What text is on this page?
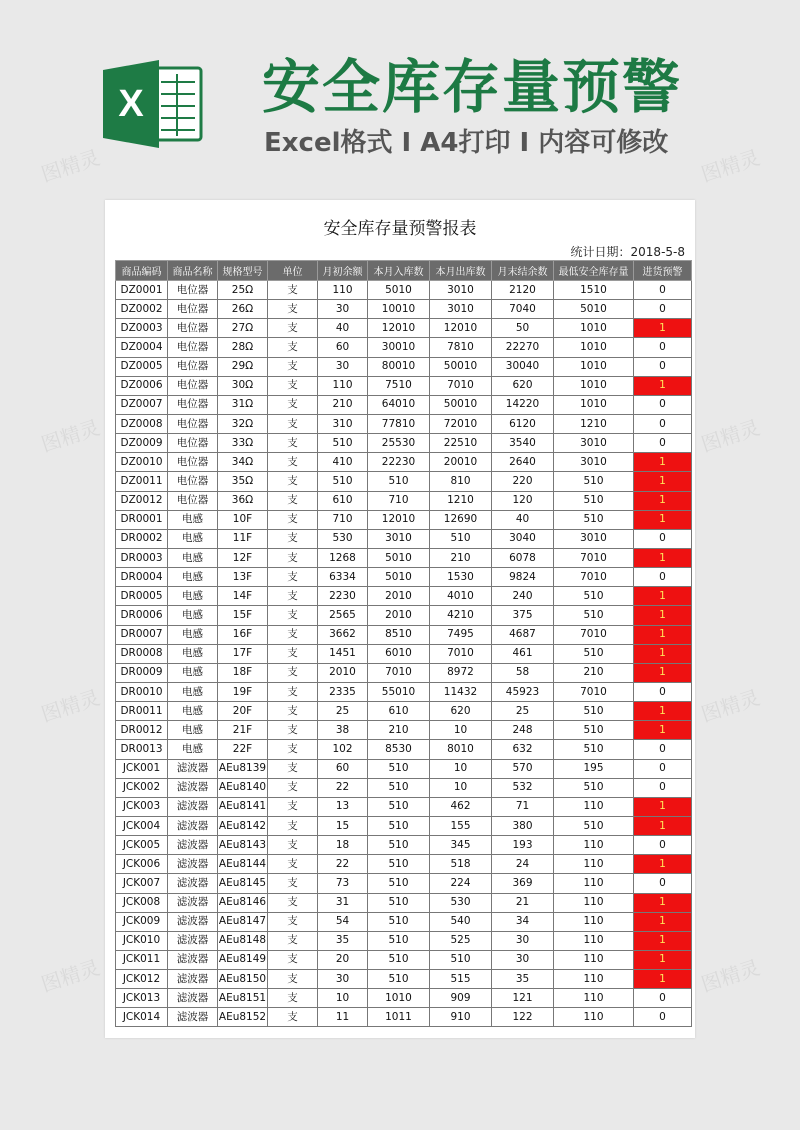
X 安全库存量预警
Excel格式 I A4打印 I 内容可修改
安全库存量预警报表
统计日期：2018-5-8
商品编码	商品名称	规格型号	单位	月初余额	本月入库数	本月出库数	月末结余数	最低安全库存量	进货预警
DZ0001	电位器	25Ω	支	110	5010	3010	2120	1510	0
DZ0002	电位器	26Ω	支	30	10010	3010	7040	5010	0
DZ0003	电位器	27Ω	支	40	12010	12010	50	1010	1
DZ0004	电位器	28Ω	支	60	30010	7810	22270	1010	0
DZ0005	电位器	29Ω	支	30	80010	50010	30040	1010	0
DZ0006	电位器	30Ω	支	110	7510	7010	620	1010	1
DZ0007	电位器	31Ω	支	210	64010	50010	14220	1010	0
DZ0008	电位器	32Ω	支	310	77810	72010	6120	1210	0
DZ0009	电位器	33Ω	支	510	25530	22510	3540	3010	0
DZ0010	电位器	34Ω	支	410	22230	20010	2640	3010	1
DZ0011	电位器	35Ω	支	510	510	810	220	510	1
DZ0012	电位器	36Ω	支	610	710	1210	120	510	1
DR0001	电感	10F	支	710	12010	12690	40	510	1
DR0002	电感	11F	支	530	3010	510	3040	3010	0
DR0003	电感	12F	支	1268	5010	210	6078	7010	1
DR0004	电感	13F	支	6334	5010	1530	9824	7010	0
DR0005	电感	14F	支	2230	2010	4010	240	510	1
DR0006	电感	15F	支	2565	2010	4210	375	510	1
DR0007	电感	16F	支	3662	8510	7495	4687	7010	1
DR0008	电感	17F	支	1451	6010	7010	461	510	1
DR0009	电感	18F	支	2010	7010	8972	58	210	1
DR0010	电感	19F	支	2335	55010	11432	45923	7010	0
DR0011	电感	20F	支	25	610	620	25	510	1
DR0012	电感	21F	支	38	210	10	248	510	1
DR0013	电感	22F	支	102	8530	8010	632	510	0
JCK001	滤波器	AEu8139	支	60	510	10	570	195	0
JCK002	滤波器	AEu8140	支	22	510	10	532	510	0
JCK003	滤波器	AEu8141	支	13	510	462	71	110	1
JCK004	滤波器	AEu8142	支	15	510	155	380	510	1
JCK005	滤波器	AEu8143	支	18	510	345	193	110	0
JCK006	滤波器	AEu8144	支	22	510	518	24	110	1
JCK007	滤波器	AEu8145	支	73	510	224	369	110	0
JCK008	滤波器	AEu8146	支	31	510	530	21	110	1
JCK009	滤波器	AEu8147	支	54	510	540	34	110	1
JCK010	滤波器	AEu8148	支	35	510	525	30	110	1
JCK011	滤波器	AEu8149	支	20	510	510	30	110	1
JCK012	滤波器	AEu8150	支	30	510	515	35	110	1
JCK013	滤波器	AEu8151	支	10	1010	909	121	110	0
JCK014	滤波器	AEu8152	支	11	1011	910	122	110	0
图精灵	图精灵
图精灵	图精灵
图精灵	图精灵
图精灵	图精灵
